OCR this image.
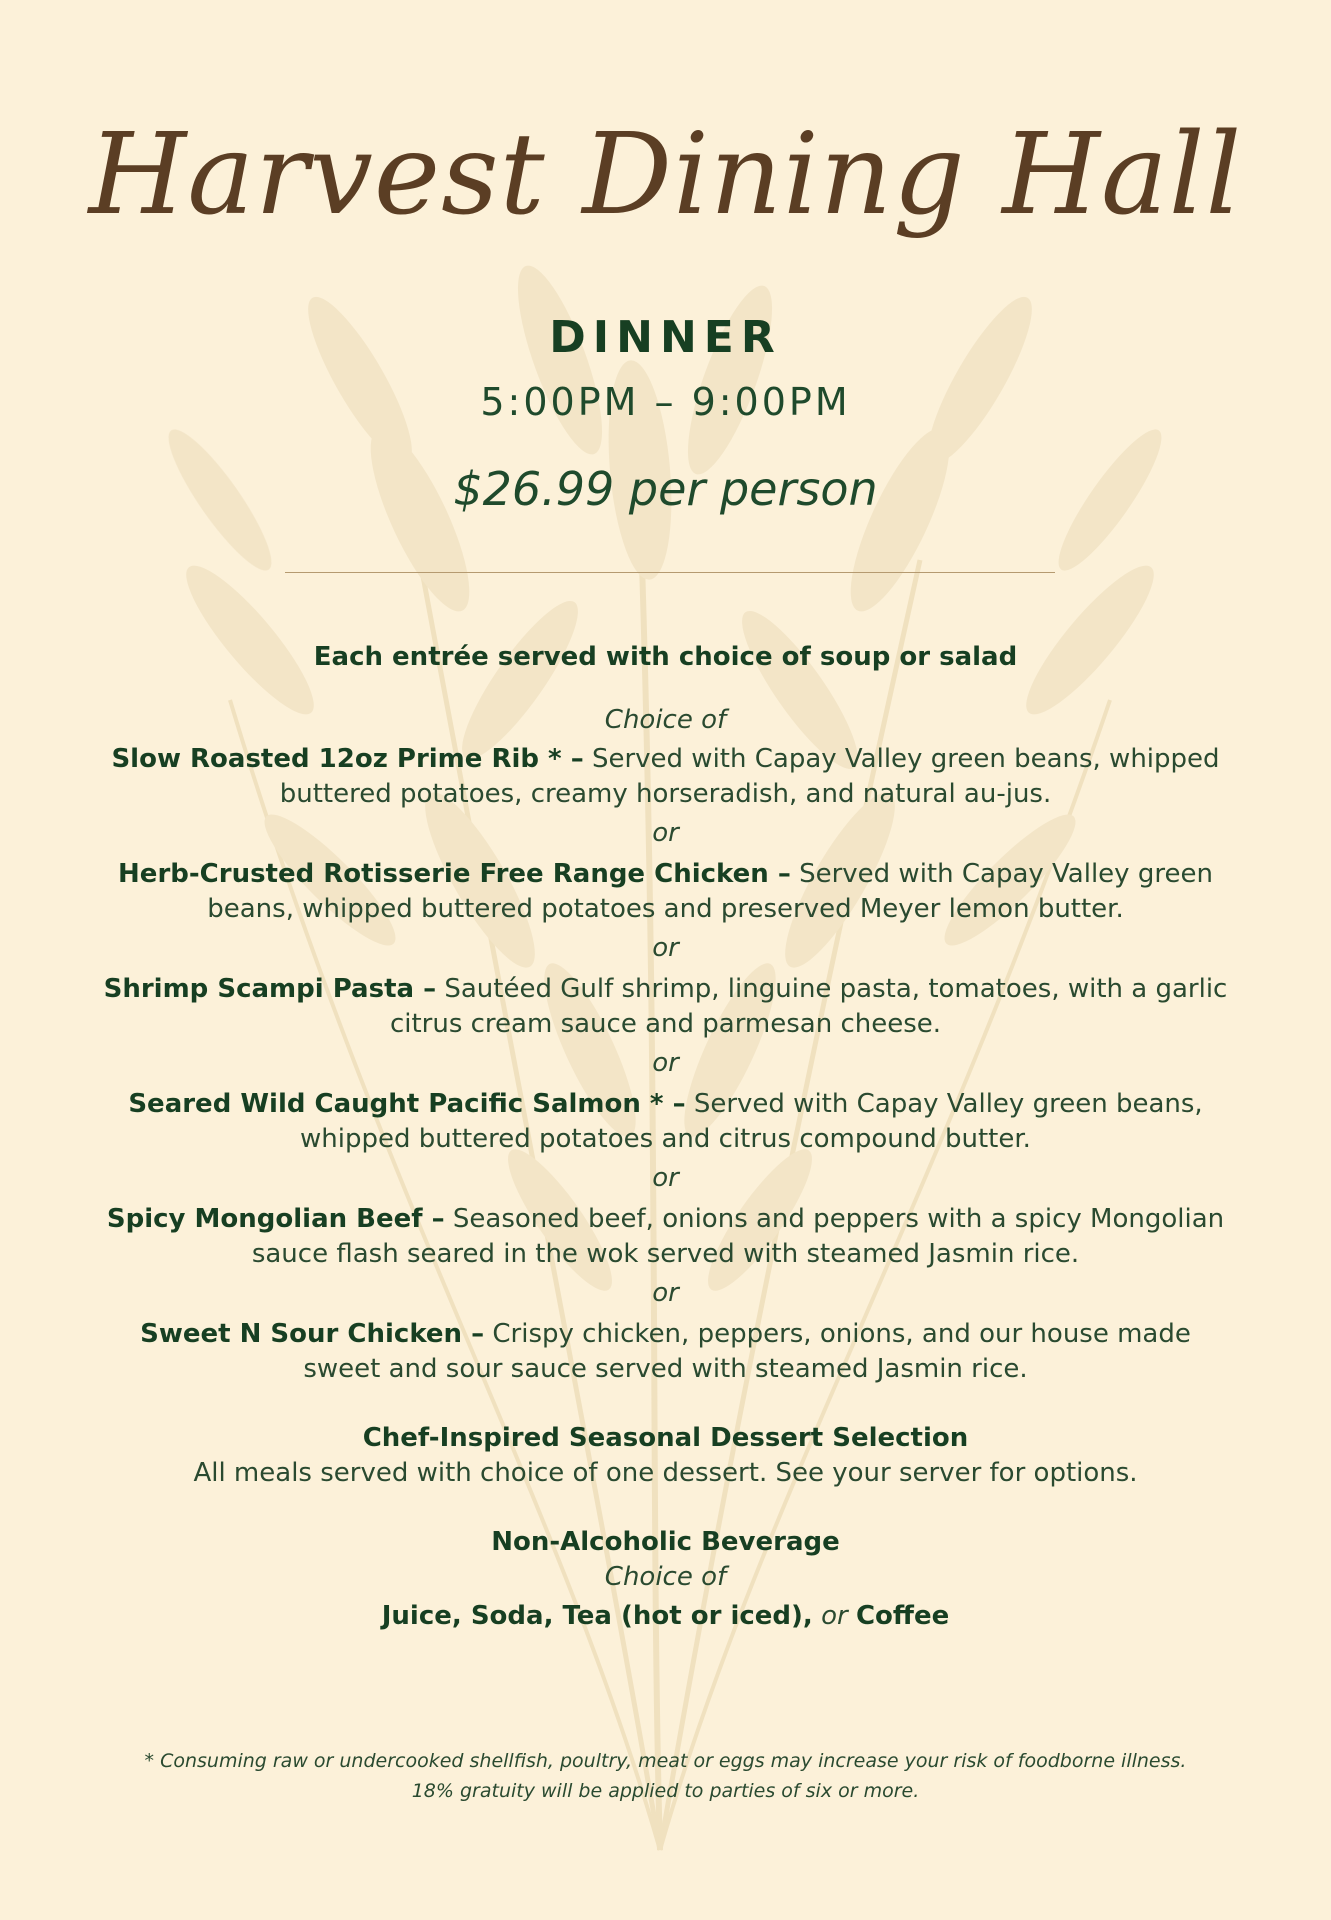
Harvest Dining Hall
DINNER
5:00PM – 9:00PM
$26.99 per person
Each entrée served with choice of soup or salad
Choice of
Slow Roasted 12oz Prime Rib * – Served with Capay Valley green beans, whipped buttered potatoes, creamy horseradish, and natural au-jus.
or
Herb-Crusted Rotisserie Free Range Chicken – Served with Capay Valley green beans, whipped buttered potatoes and preserved Meyer lemon butter.
or
Shrimp Scampi Pasta – Sautéed Gulf shrimp, linguine pasta, tomatoes, with a garlic citrus cream sauce and parmesan cheese.
or
Seared Wild Caught Pacific Salmon * – Served with Capay Valley green beans, whipped buttered potatoes and citrus compound butter.
or
Spicy Mongolian Beef – Seasoned beef, onions and peppers with a spicy Mongolian sauce flash seared in the wok served with steamed Jasmin rice.
or
Sweet N Sour Chicken – Crispy chicken, peppers, onions, and our house made sweet and sour sauce served with steamed Jasmin rice.
Chef-Inspired Seasonal Dessert Selection
All meals served with choice of one dessert. See your server for options.
Non-Alcoholic Beverage
Choice of
Juice, Soda, Tea (hot or iced), or Coffee
* Consuming raw or undercooked shellfish, poultry, meat or eggs may increase your risk of foodborne illness.
18% gratuity will be applied to parties of six or more.
